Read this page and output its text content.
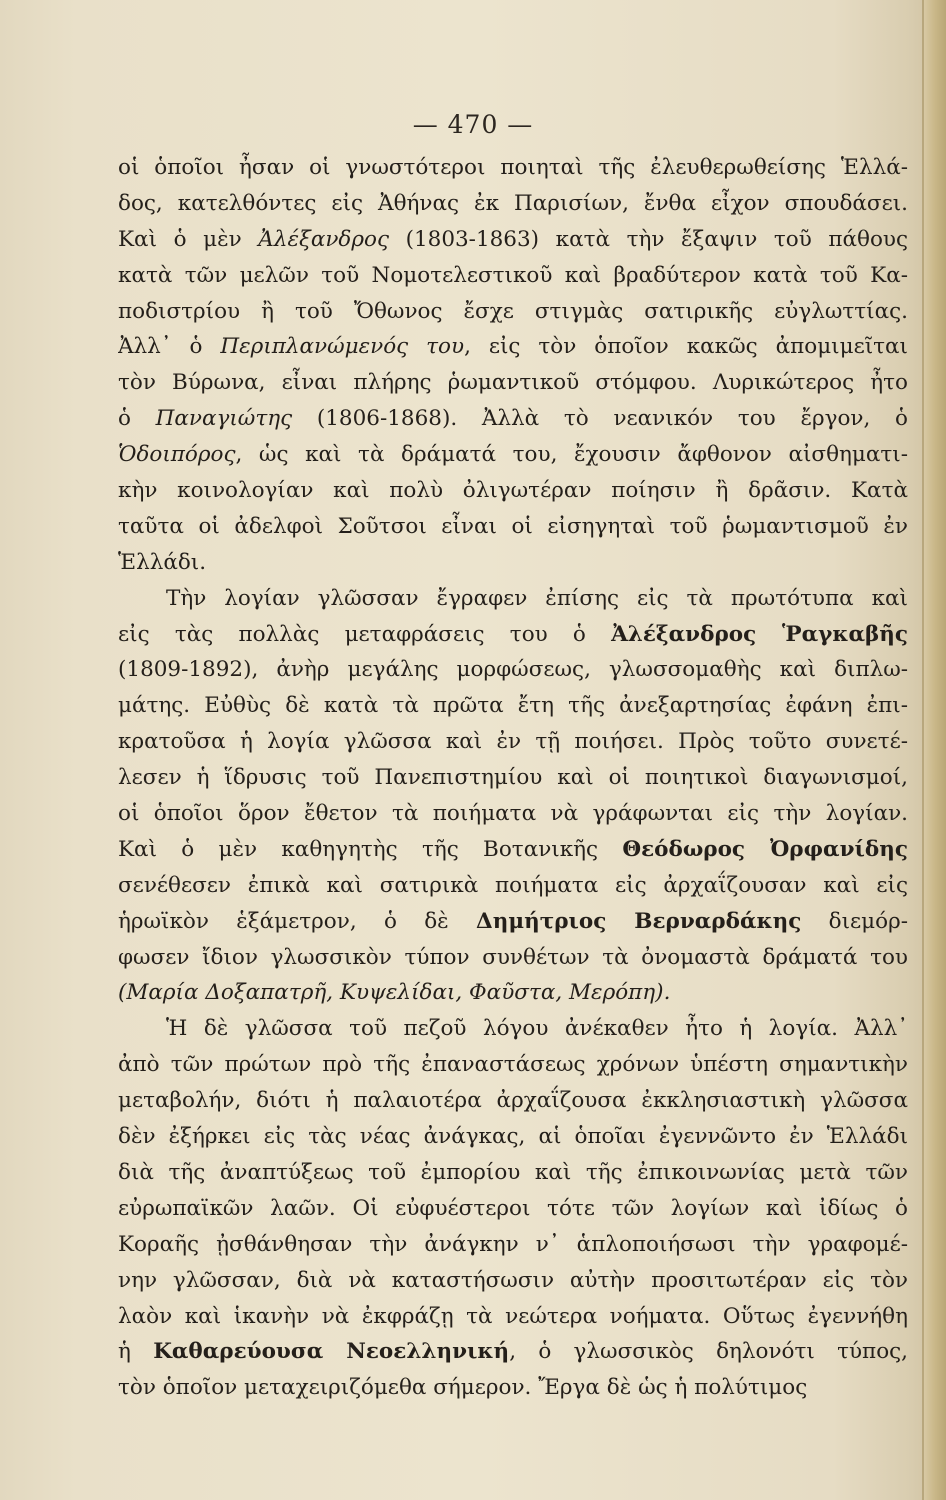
— 470 —
οἱ ὁποῖοι ἦσαν οἱ γνωστότεροι ποιηταὶ τῆς ἐλευθερωθείσης Ἑλλά-
δος, κατελθόντες εἰς Ἀθήνας ἐκ Παρισίων, ἔνθα εἶχον σπουδάσει.
Καὶ ὁ μὲν Ἀλέξανδρος (1803-1863) κατὰ τὴν ἔξαψιν τοῦ πάθους
κατὰ τῶν μελῶν τοῦ Νομοτελεστικοῦ καὶ βραδύτερον κατὰ τοῦ Κα-
ποδιστρίου ἢ τοῦ Ὄθωνος ἔσχε στιγμὰς σατιρικῆς εὐγλωττίας.
Ἀλλ᾽ ὁ Περιπλανώμενός του, εἰς τὸν ὁποῖον κακῶς ἀπομιμεῖται
τὸν Βύρωνα, εἶναι πλήρης ῥωμαντικοῦ στόμφου. Λυρικώτερος ἦτο
ὁ Παναγιώτης (1806-1868). Ἀλλὰ τὸ νεανικόν του ἔργον, ὁ
Ὁδοιπόρος, ὡς καὶ τὰ δράματά του, ἔχουσιν ἄφθονον αἰσθηματι-
κὴν κοινολογίαν καὶ πολὺ ὀλιγωτέραν ποίησιν ἢ δρᾶσιν. Κατὰ
ταῦτα οἱ ἀδελφοὶ Σοῦτσοι εἶναι οἱ εἰσηγηταὶ τοῦ ῥωμαντισμοῦ ἐν
Ἑλλάδι.
Τὴν λογίαν γλῶσσαν ἔγραφεν ἐπίσης εἰς τὰ πρωτότυπα καὶ
εἰς τὰς πολλὰς μεταφράσεις του ὁ Ἀλέξανδρος Ῥαγκαβῆς
(1809-1892), ἀνὴρ μεγάλης μορφώσεως, γλωσσομαθὴς καὶ διπλω-
μάτης. Εὐθὺς δὲ κατὰ τὰ πρῶτα ἔτη τῆς ἀνεξαρτησίας ἐφάνη ἐπι-
κρατοῦσα ἡ λογία γλῶσσα καὶ ἐν τῇ ποιήσει. Πρὸς τοῦτο συνετέ-
λεσεν ἡ ἵδρυσις τοῦ Πανεπιστημίου καὶ οἱ ποιητικοὶ διαγωνισμοί,
οἱ ὁποῖοι ὅρον ἔθετον τὰ ποιήματα νὰ γράφωνται εἰς τὴν λογίαν.
Καὶ ὁ μὲν καθηγητὴς τῆς Βοτανικῆς Θεόδωρος Ὀρφανίδης
σενέθεσεν ἐπικὰ καὶ σατιρικὰ ποιήματα εἰς ἀρχαΐζουσαν καὶ εἰς
ἡρωϊκὸν ἑξάμετρον, ὁ δὲ Δημήτριος Βερναρδάκης διεμόρ-
φωσεν ἴδιον γλωσσικὸν τύπον συνθέτων τὰ ὀνομαστὰ δράματά του
(Μαρία Δοξαπατρῆ, Κυψελίδαι, Φαῦστα, Μερόπη).
Ἡ δὲ γλῶσσα τοῦ πεζοῦ λόγου ἀνέκαθεν ἦτο ἡ λογία. Ἀλλ᾽
ἀπὸ τῶν πρώτων πρὸ τῆς ἐπαναστάσεως χρόνων ὑπέστη σημαντικὴν
μεταβολήν, διότι ἡ παλαιοτέρα ἀρχαΐζουσα ἐκκλησιαστικὴ γλῶσσα
δὲν ἐξήρκει εἰς τὰς νέας ἀνάγκας, αἱ ὁποῖαι ἐγεννῶντο ἐν Ἑλλάδι
διὰ τῆς ἀναπτύξεως τοῦ ἐμπορίου καὶ τῆς ἐπικοινωνίας μετὰ τῶν
εὐρωπαϊκῶν λαῶν. Οἱ εὐφυέστεροι τότε τῶν λογίων καὶ ἰδίως ὁ
Κοραῆς ᾐσθάνθησαν τὴν ἀνάγκην ν᾽ ἁπλοποιήσωσι τὴν γραφομέ-
νην γλῶσσαν, διὰ νὰ καταστήσωσιν αὐτὴν προσιτωτέραν εἰς τὸν
λαὸν καὶ ἱκανὴν νὰ ἐκφράζῃ τὰ νεώτερα νοήματα. Οὕτως ἐγεννήθη
ἡ Καθαρεύουσα Νεοελληνική, ὁ γλωσσικὸς δηλονότι τύπος,
τὸν ὁποῖον μεταχειριζόμεθα σήμερον. Ἔργα δὲ ὡς ἡ πολύτιμος
